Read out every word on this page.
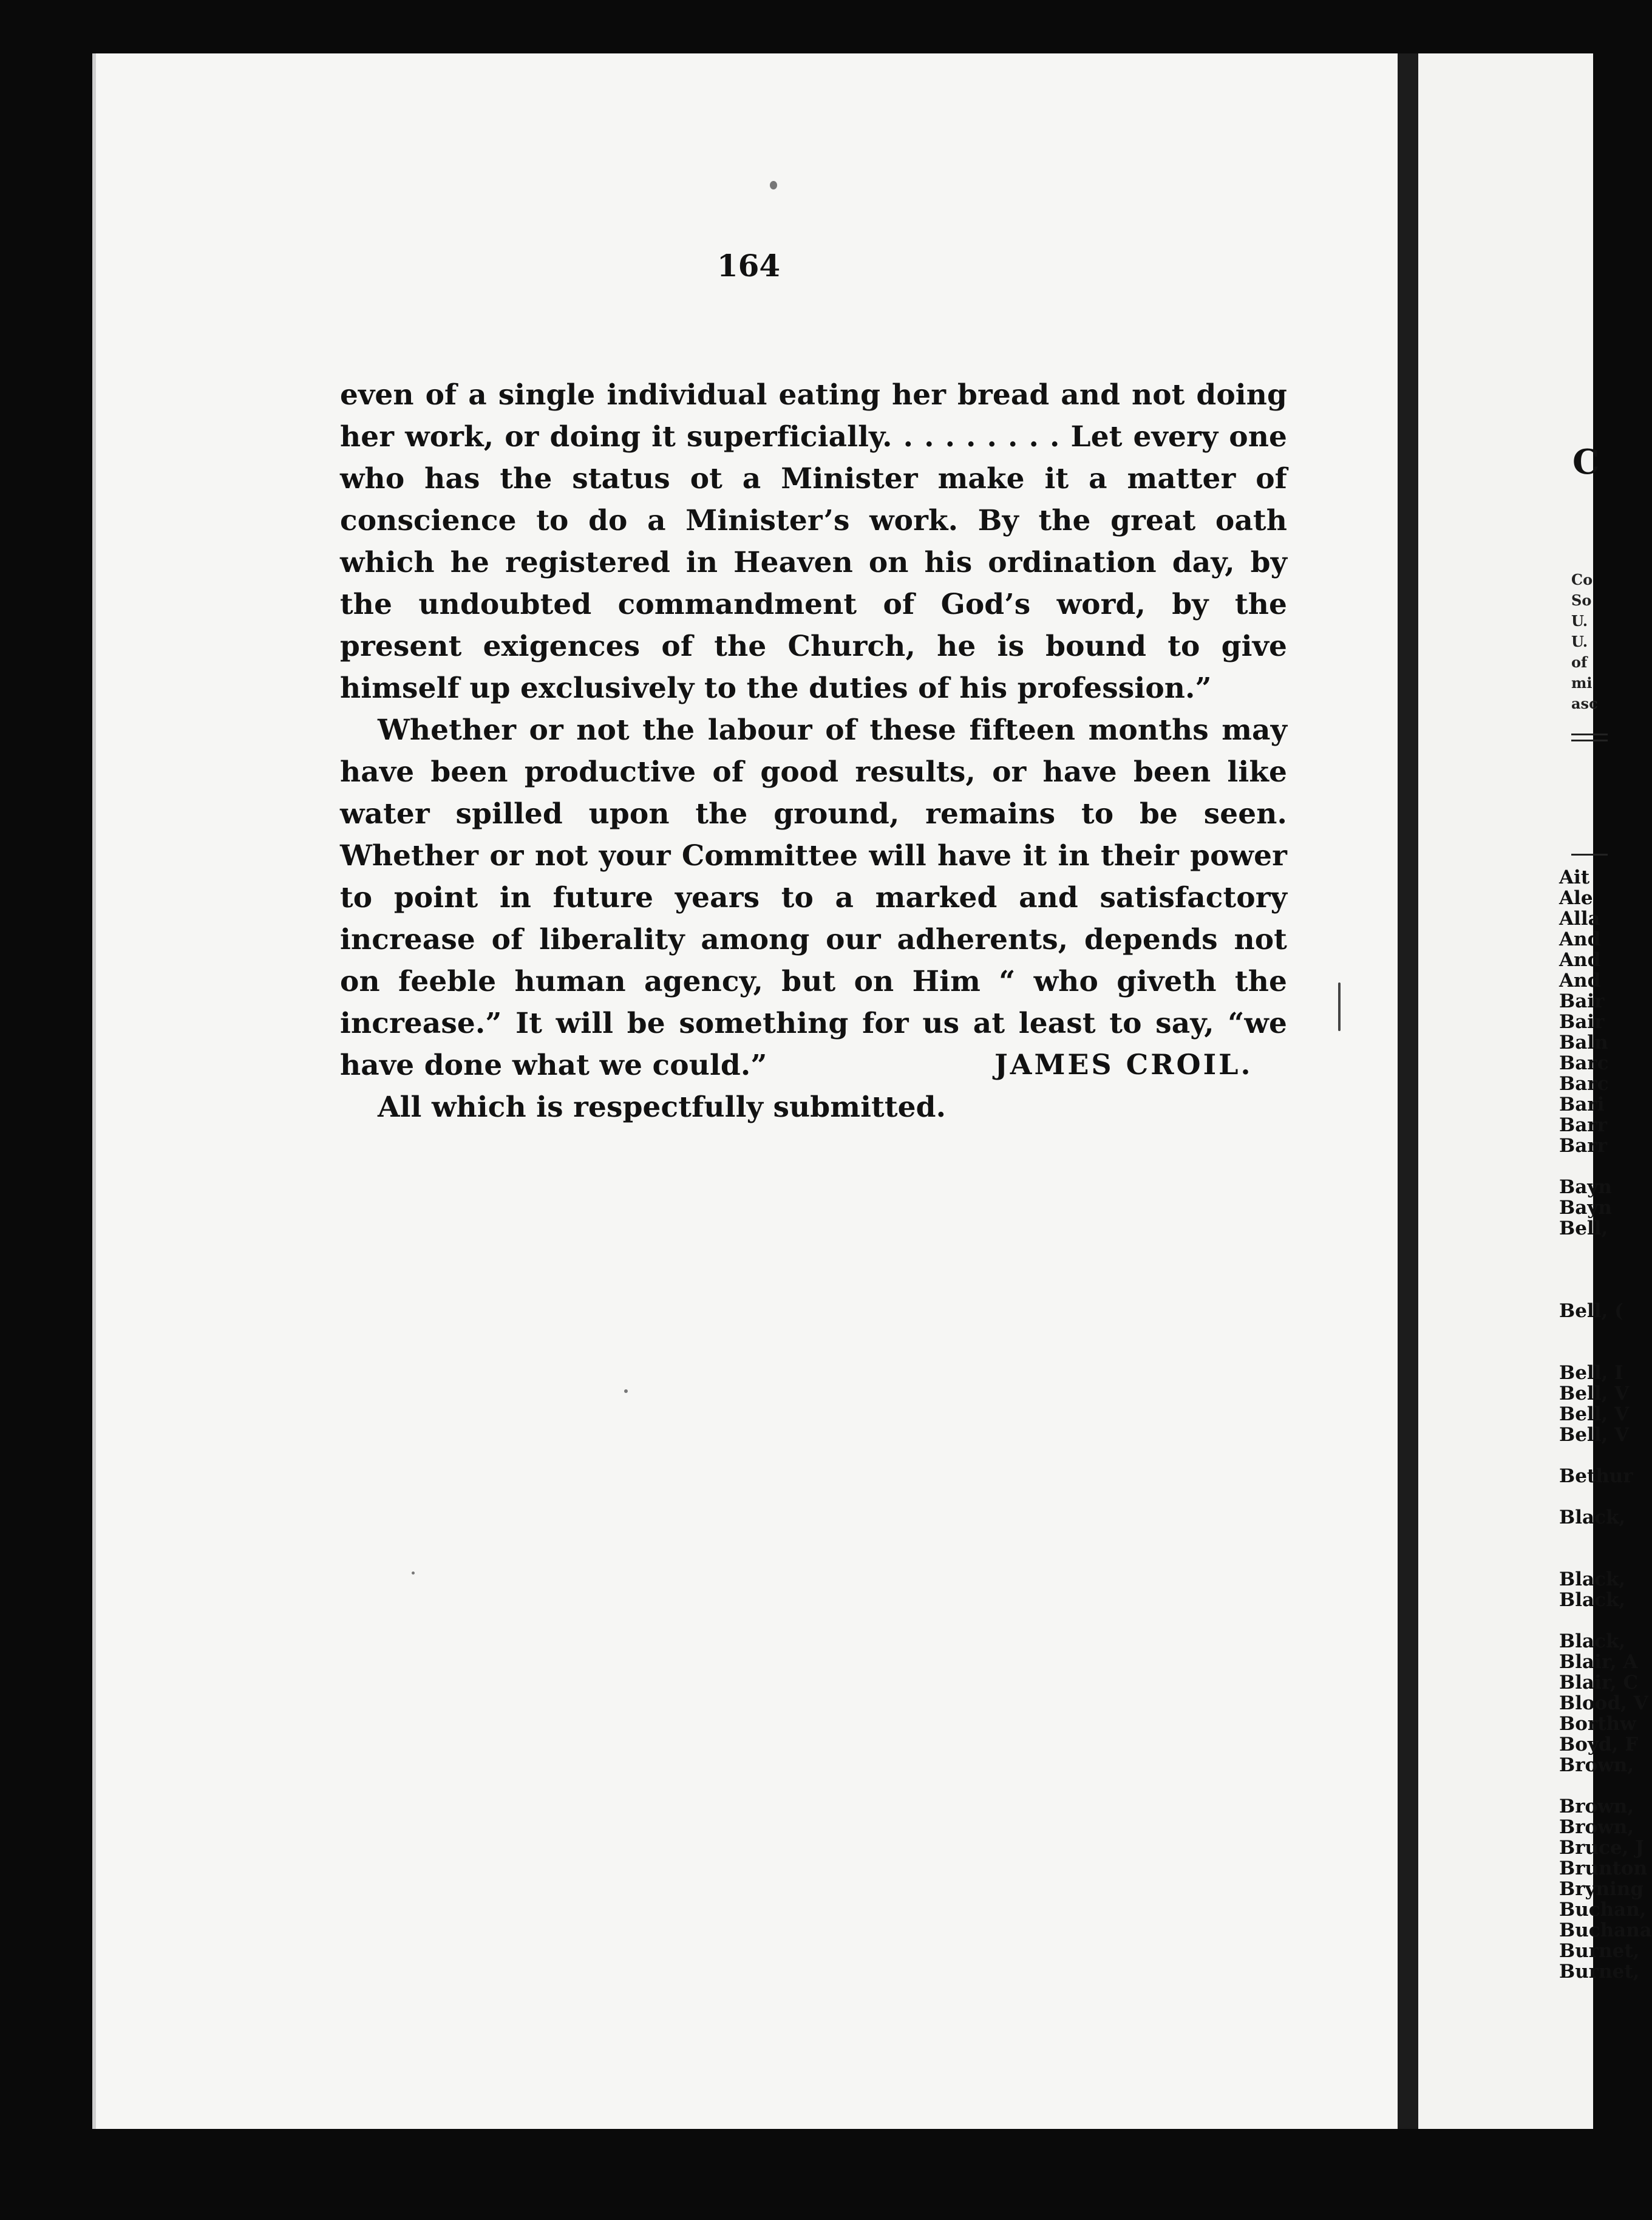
164

even of a single individual eating her bread and not doing her work, or doing it superficially. . . . . . . . . Let every one who has the status ot a Minister make it a matter of conscience to do a Minister’s work. By the great oath which he registered in Heaven on his ordination day, by the undoubted commandment of God’s word, by the present exigences of the Church, he is bound to give himself up exclusively to the duties of his profession.”

Whether or not the labour of these fifteen months may have been productive of good results, or have been like water spilled upon the ground, remains to be seen. Whether or not your Committee will have it in their power to point in future years to a marked and satisfactory increase of liberality among our adherents, depends not on feeble human agency, but on Him “ who giveth the increase.” It will be something for us at least to say, “we have done what we could.”

All which is respectfully submitted.

JAMES CROIL.
C
Co
So
U.
U.
of
mi
asc
Ait
Ale
Alla
And
And
And
Bair
Bair
Baln
Barc
Barc
Bari
Barr
Barr

Bayn
Bayn
Bell,

Bell, (

Bell, I
Bell, V
Bell, V
Bell, V

Bethur

Black,

Black,
Black,

Black,
Blair, A
Blair, C
Blood, V
Borthw
Boyd, F
Brown,

Brown,
Brown,
Bruce, J
Brunton
Bryning
Buchan,
Buchana
Burnet,
Burnet,
